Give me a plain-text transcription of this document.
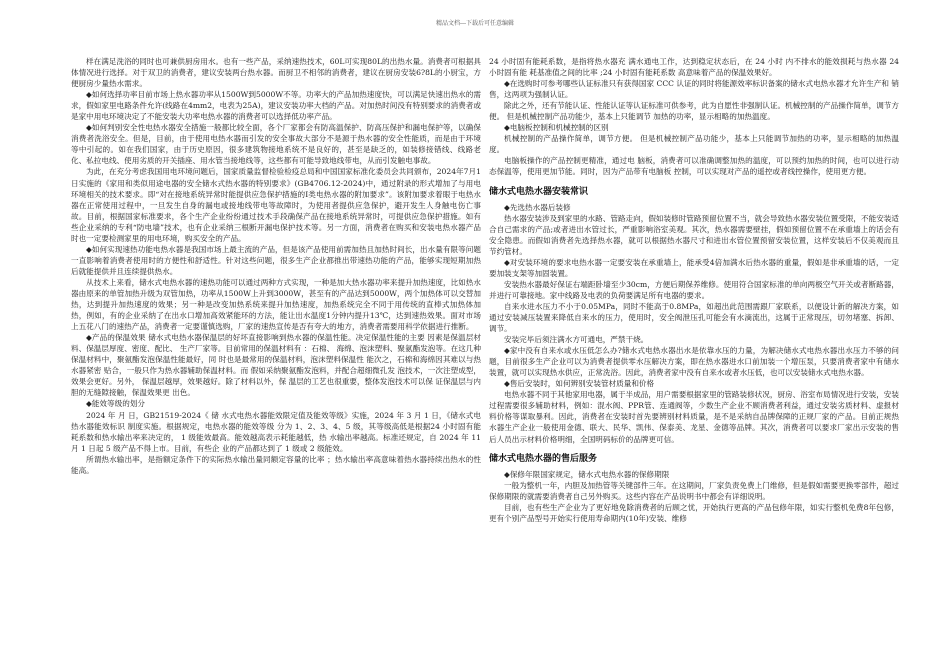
精品文档---下载后可任意编辑

样在满足洗浴的同时也可兼供厨房用水。也有一些产品，采纳速热技术，60L可实现80L的出热水量。消费者可根据具体情况进行选择。对于双卫的消费者，建议安装两台热水器。而厨卫不相邻的消费者，建议在厨房安装6?8L的小厨宝，方便厨房少量热水需求。

◆如何选择功率目前市场上热水器功率从1500W到5000W不等。功率大的产品加热速度快，可以满足快速出热水的需求，假如家里电路条件允许(线路在4mm2，电表为25A)，建议安装功率大档的产品。对加热时间没有特别要求的消费者或是家中用电环境决定了不能安装大功率电热水器的消费者可以选择低功率产品。

◆如何判别安全性电热水器安全措施一般都比较全面，各个厂家都会有防高温保护、防高压保护和漏电保护等，以确保消费者洗浴安全。但是，目前，由于使用电热水器而引发的安全事故大部分不是源于热水器的安全性能质，而是由于环境等中引起的。如在我们国家，由于历史原因，很多建筑物接地系统不是良好的，甚至是缺乏的，如装修接错线、线路老化、私拉电线、使用劣质的开关插座、用水管当接地线等，这些都有可能导致地线带电，从而引发触电事故。

为此，在充分考虑我国用电环境问题后，国家质量监督检验检疫总局和中国国家标准化委员会共同颁布，2024年7月1日实施的《家用和类似用途电器的安全储水式热水器的特别要求》(GB4706.12-2024)中，通过附录的形式增加了与用电环境相关的技术要求。即“对在接地系统异常时能提供应急保护措施的I类电热水器的附加要求”。该附加要求着眼于电热水器在正常使用过程中，一旦发生自身的漏电或接地线带电等故障时，为使用者提供应急保护，避开发生人身触电伤亡事故。目前，根据国家标准要求，各个生产企业纷纷通过技术手段确保产品在接地系统异常时，可提供应急保护措施。如有些企业采纳的专利“防电墙”技术，也有企业采纳三根断开漏电保护技术等。另一方面，消费者在购买和安装电热水器产品时也一定要检测家里的用电环境，购买安全的产品。

◆如何实现速热功能电热水器是我国市场上最主流的产品，但是该产品使用前需加热且加热时间长，出水量有限等问题一直影响着消费者使用时的方便性和舒适性。针对这些问题，很多生产企业都推出带速热功能的产品，能够实现短期加热后就能提供并且连续提供热水。

从技术上来看，储水式电热水器的速热功能可以通过两种方式实现，一种是加大热水器功率来提升加热速度，比如热水器由原来的单管加热升级为双管加热，功率从1500W上升到3000W，甚至有的产品达到5000W，两个加热体可以交替加热，达到提升加热速度的效果；另一种是改变加热系统来提升加热速度，加热系统完全不同于用传统的直棒式加热体加热，例如，有的企业采纳了在出水口增加高效紧能环的方法，能让出水温度1分钟内提升13℃，达到速热效果。面对市场上五花八门的速热产品，消费者一定要谨慎选购，厂家的速热宣传是否有夸大的地方，消费者需要用科学依据进行推断。

◆产品的保温效果 储水式电热水器保温层的好坏直接影响到热水器的保温性能。决定保温性能的主要 因素是保温层材料、保温层厚度、密度、配比、 生产厂家等。目前常用的保温材料有 ：石棉、 海绵、泡沫塑料、聚氨酯发泡等。在这几种 保温材料中，聚氨酯发泡保温性能最好，同 时也是最常用的保温材料，泡沫塑料保温性 能次之，石棉和海绵因其难以与热水器紧密 贴合，一般只作为热水器辅助保温材料。而 假如采纳聚氨酯发泡料，并配合超细微孔发 泡技术，一次注塑成型，效果会更好。另外， 保温层越厚，效果越好。除了材料以外，保 温层的工艺也很重要，整体发泡技术可以保 证保温层与内胆的无缝隙接触，保温效果更 出色。

◆能效等级的划分

2024 年 月 日，GB21519-2024《 储 水式电热水器能效限定值及能效等级》实施，2024 年 3 月 1 日，《储水式电热水器能效标识 制度实施。根据规定，电热水器的能效等级 分为 1、2、3、4、5 级，其等级高低是根据24 小时固有能耗系数和热水输出率来决定的， 1 级能效最高。能效越高表示耗能越低，热 水输出率越高。标准还规定，自 2024 年 11 月 1 日起 5 级产品不得上市。目前，有些企 业的产品都达到了 1 级或 2 级能效。

所谓热水输出率，是指额定条件下的实际热水输出量同额定容量的比率 ；热水输出率高意味着热水器持续出热水的性能高。

24 小时固有能耗系数，是指将热水器充 满水通电工作，达到稳定状态后，在 24 小时 内不排水的能效损耗与热水器 24 小时固有能 耗基准值之间的比率 ;24 小时固有能耗系数 高意味着产品的保温效果好。

◆在选购时可参考哪些认证标准只有获得国家 CCC 认证的同时将能源效率标识备案的储水式电热水器才允许生产和 销售，这两项为强制认证。

除此之外，还有节能认证、性能认证等认证标准可供参考，此为自愿性非强制认证。机械控制的产品操作简单，调节方便。 但是机械控制产品功能少，基本上只能调节 加热的功率，显示相略的加热温度。

◆电脑板控制和机械控制的区别

机械控制的产品操作简单，调节方便。 但是机械控制产品功能少，基本上只能调节加热的功率，显示相略的加热温度。

电脑板操作的产品控制更精准，通过电 脑板，消费者可以准确调整加热的温度，可以预约加热的时间，也可以进行动态保温等，使用更加节能。同时，因为产品带有电脑板 控制，可以实现对产品的遥控或者线控操作，使用更方便。

储水式电热水器安装常识

◆先选热水器后装修

热水器安装涉及到家里的水路、管路走向，假如装修时管路预留位置不当，就会导致热水器安装位置受限，不能安装适合自己需求的产品;或者进出水管过长，严重影响浴室美观。其次，热水器需要壁挂，假如预留位置不在承重墙上的话会有安全隐患。而假如消费者先选择热水器，就可以根据热水器尺寸和进出水管位置预留安装位置，这样安装后不仅美观而且节约管材。

◆对安装环境的要求电热水器一定要安装在承重墙上，能承受4倍加满水后热水器的重量，假如是非承重墙的话，一定要加装支架等加固装置。

安装热水器最好保证右端距卧墙至少30cm，方便后期保养维修。使用符合国家标准的单向两极空气开关或者断路器，并进行可靠接地。家中线路及电表的负荷要满足所有电器的要求。

自来水进水压力不小于0.05MPa，同时不能高于0.8MPa，如超出此范围需跟厂家联系，以便设计新的解决方案，如通过安装减压装置来降低自来水的压力，使用时，安全阀泄压孔可能会有水滴流出，这属于正常现压，切勿堵塞、拆卸、调节。

安装完毕后须注满水方可通电，严禁干烧。

◆家中没有自来水或水压低怎么办?储水式电热水器出水是依靠水压的力量，为解决储水式电热水器出水压力不够的问题，目前很多生产企业可以为消费者提供零水压解决方案，即在热水器进水口前加装一个增压泵，只要消费者家中有储水装置，就可以实现热水供应，正常洗浴。因此，消费者家中没有自来水或者水压低，也可以安装储水式电热水器。

◆售后安装时，如何辨别安装管材质量和价格

电热水器不同于其他家用电器，属于半成品，用户需要根据家里的管路装修状况，厨房、浴室布局情况进行安装，安装过程需要很多辅助材料，例如：混水阀、PPR管、连通阀等，少数生产企业不顾消费者利益，通过安装劣质材料、虚报材料价格等谋取暴利。因此，消费者在安装时首先要辨别材料质量，是不是采纳自品牌保障的正规厂家的产品。目前正规热水器生产企业一般使用金德、联大、民华、凯伟、保泰美、龙星、金德等品牌。其次，消费者可以要求厂家出示安装的售后人员出示材料价格明细，全国明码标价的品牌更可信。

储水式电热水器的售后服务

◆保修年限国家规定，储水式电热水器的保修期限

一般为整机一年，内胆及加热管等关键部件三年。在这期间，厂家负责免费上门维修，但是假如需要更换零部件，超过保修期限的就需要消费者自己另外购买。这些内容在产品说明书中都会有详细说明。

目前，也有些生产企业为了更好地免除消费者的后顾之忧，开始执行更高的产品包修年限，如实行整机免费8年包修，更有个别产品型号开始实行使用寿命期内(10年)安装、维修
